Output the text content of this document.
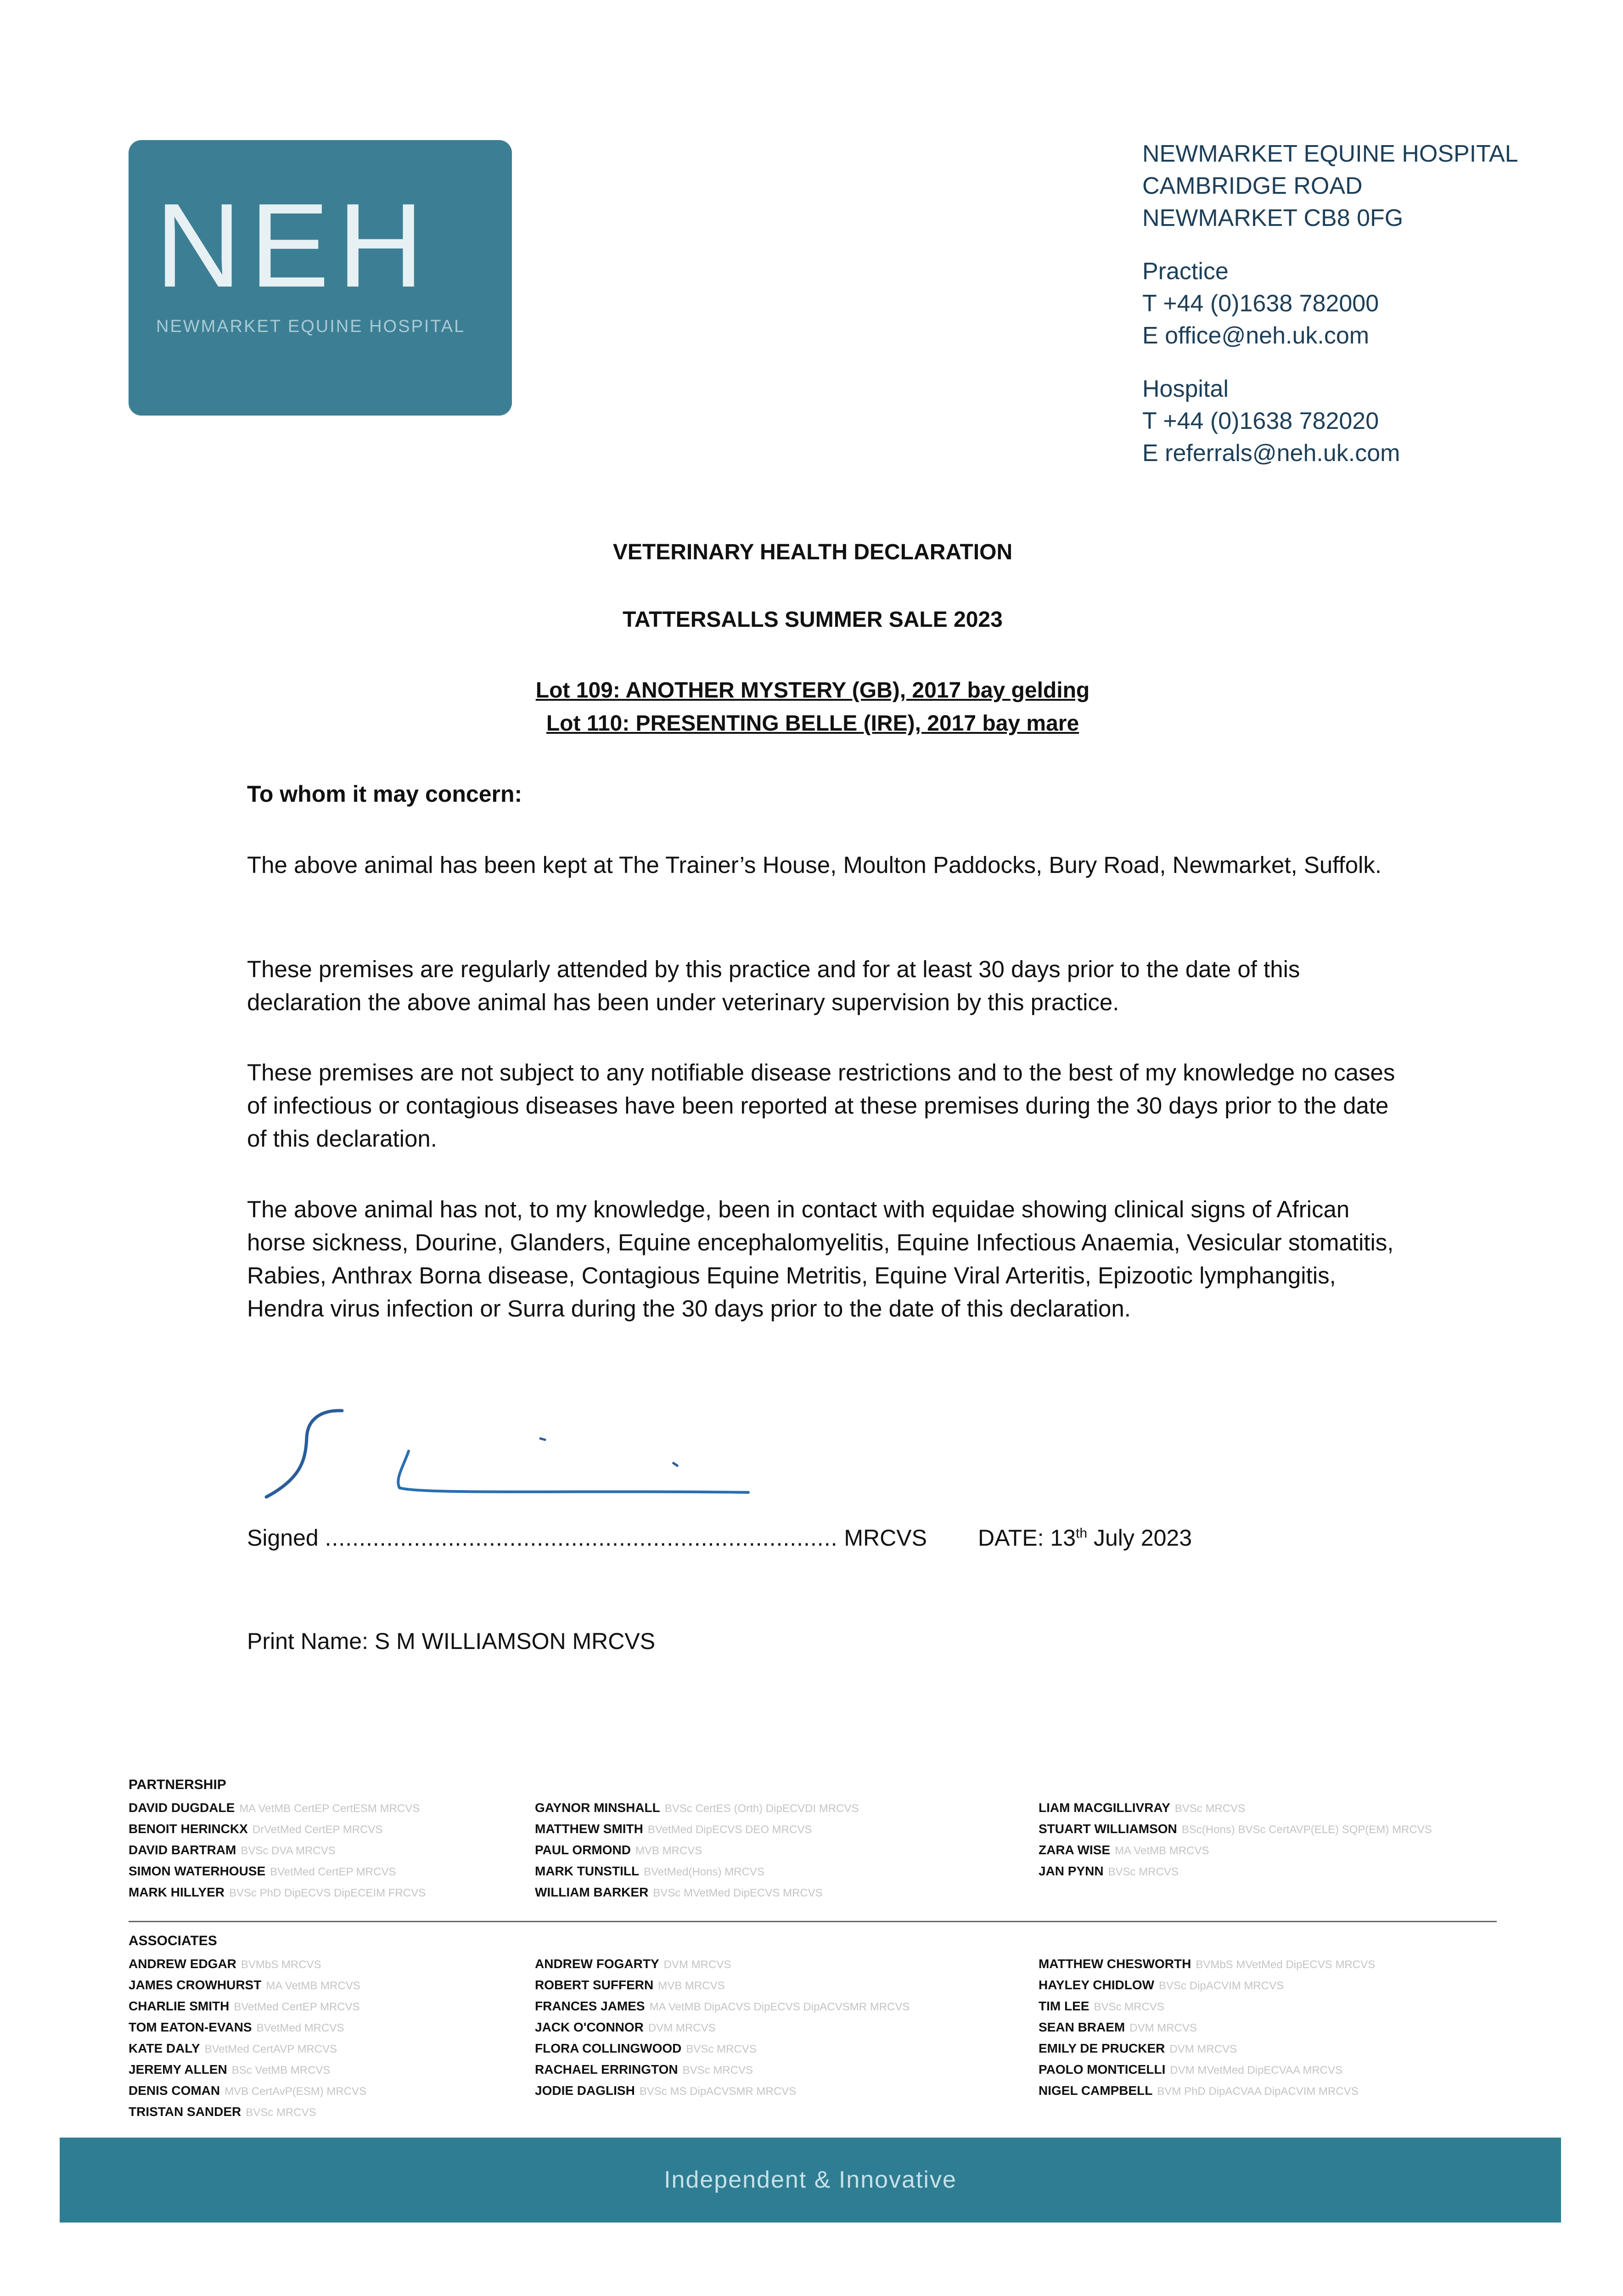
NEH
NEWMARKET EQUINE HOSPITAL
NEWMARKET EQUINE HOSPITAL
CAMBRIDGE ROAD
NEWMARKET CB8 0FG
Practice
T +44 (0)1638 782000
E office@neh.uk.com
Hospital
T +44 (0)1638 782020
E referrals@neh.uk.com
VETERINARY HEALTH DECLARATION
TATTERSALLS SUMMER SALE 2023
Lot 109: ANOTHER MYSTERY (GB), 2017 bay gelding
Lot 110: PRESENTING BELLE (IRE), 2017 bay mare
To whom it may concern:
The above animal has been kept at The Trainer’s House, Moulton Paddocks, Bury Road, Newmarket, Suffolk.
These premises are regularly attended by this practice and for at least 30 days prior to the date of this declaration the above animal has been under veterinary supervision by this practice.
These premises are not subject to any notifiable disease restrictions and to the best of my knowledge no cases of infectious or contagious diseases have been reported at these premises during the 30 days prior to the date of this declaration.
The above animal has not, to my knowledge, been in contact with equidae showing clinical signs of African horse sickness, Dourine, Glanders, Equine encephalomyelitis, Equine Infectious Anaemia, Vesicular stomatitis, Rabies, Anthrax Borna disease, Contagious Equine Metritis, Equine Viral Arteritis, Epizootic lymphangitis, Hendra virus infection or Surra during the 30 days prior to the date of this declaration.
Signed ........................................................................... MRCVS DATE: 13th July 2023
Print Name: S M WILLIAMSON MRCVS
PARTNERSHIP
DAVID DUGDALE MA VetMB CertEP CertESM MRCVS
BENOIT HERINCKX DrVetMed CertEP MRCVS
DAVID BARTRAM BVSc DVA MRCVS
SIMON WATERHOUSE BVetMed CertEP MRCVS
MARK HILLYER BVSc PhD DipECVS DipECEIM FRCVS
GAYNOR MINSHALL BVSc CertES (Orth) DipECVDI MRCVS
MATTHEW SMITH BVetMed DipECVS DEO MRCVS
PAUL ORMOND MVB MRCVS
MARK TUNSTILL BVetMed(Hons) MRCVS
WILLIAM BARKER BVSc MVetMed DipECVS MRCVS
LIAM MACGILLIVRAY BVSc MRCVS
STUART WILLIAMSON BSc(Hons) BVSc CertAVP(ELE) SQP(EM) MRCVS
ZARA WISE MA VetMB MRCVS
JAN PYNN BVSc MRCVS
ASSOCIATES
ANDREW EDGAR BVMbS MRCVS
JAMES CROWHURST MA VetMB MRCVS
CHARLIE SMITH BVetMed CertEP MRCVS
TOM EATON-EVANS BVetMed MRCVS
KATE DALY BVetMed CertAVP MRCVS
JEREMY ALLEN BSc VetMB MRCVS
DENIS COMAN MVB CertAvP(ESM) MRCVS
TRISTAN SANDER BVSc MRCVS
ANDREW FOGARTY DVM MRCVS
ROBERT SUFFERN MVB MRCVS
FRANCES JAMES MA VetMB DipACVS DipECVS DipACVSMR MRCVS
JACK O'CONNOR DVM MRCVS
FLORA COLLINGWOOD BVSc MRCVS
RACHAEL ERRINGTON BVSc MRCVS
JODIE DAGLISH BVSc MS DipACVSMR MRCVS
MATTHEW CHESWORTH BVMbS MVetMed DipECVS MRCVS
HAYLEY CHIDLOW BVSc DipACVIM MRCVS
TIM LEE BVSc MRCVS
SEAN BRAEM DVM MRCVS
EMILY DE PRUCKER DVM MRCVS
PAOLO MONTICELLI DVM MVetMed DipECVAA MRCVS
NIGEL CAMPBELL BVM PhD DipACVAA DipACVIM MRCVS
Independent & Innovative
